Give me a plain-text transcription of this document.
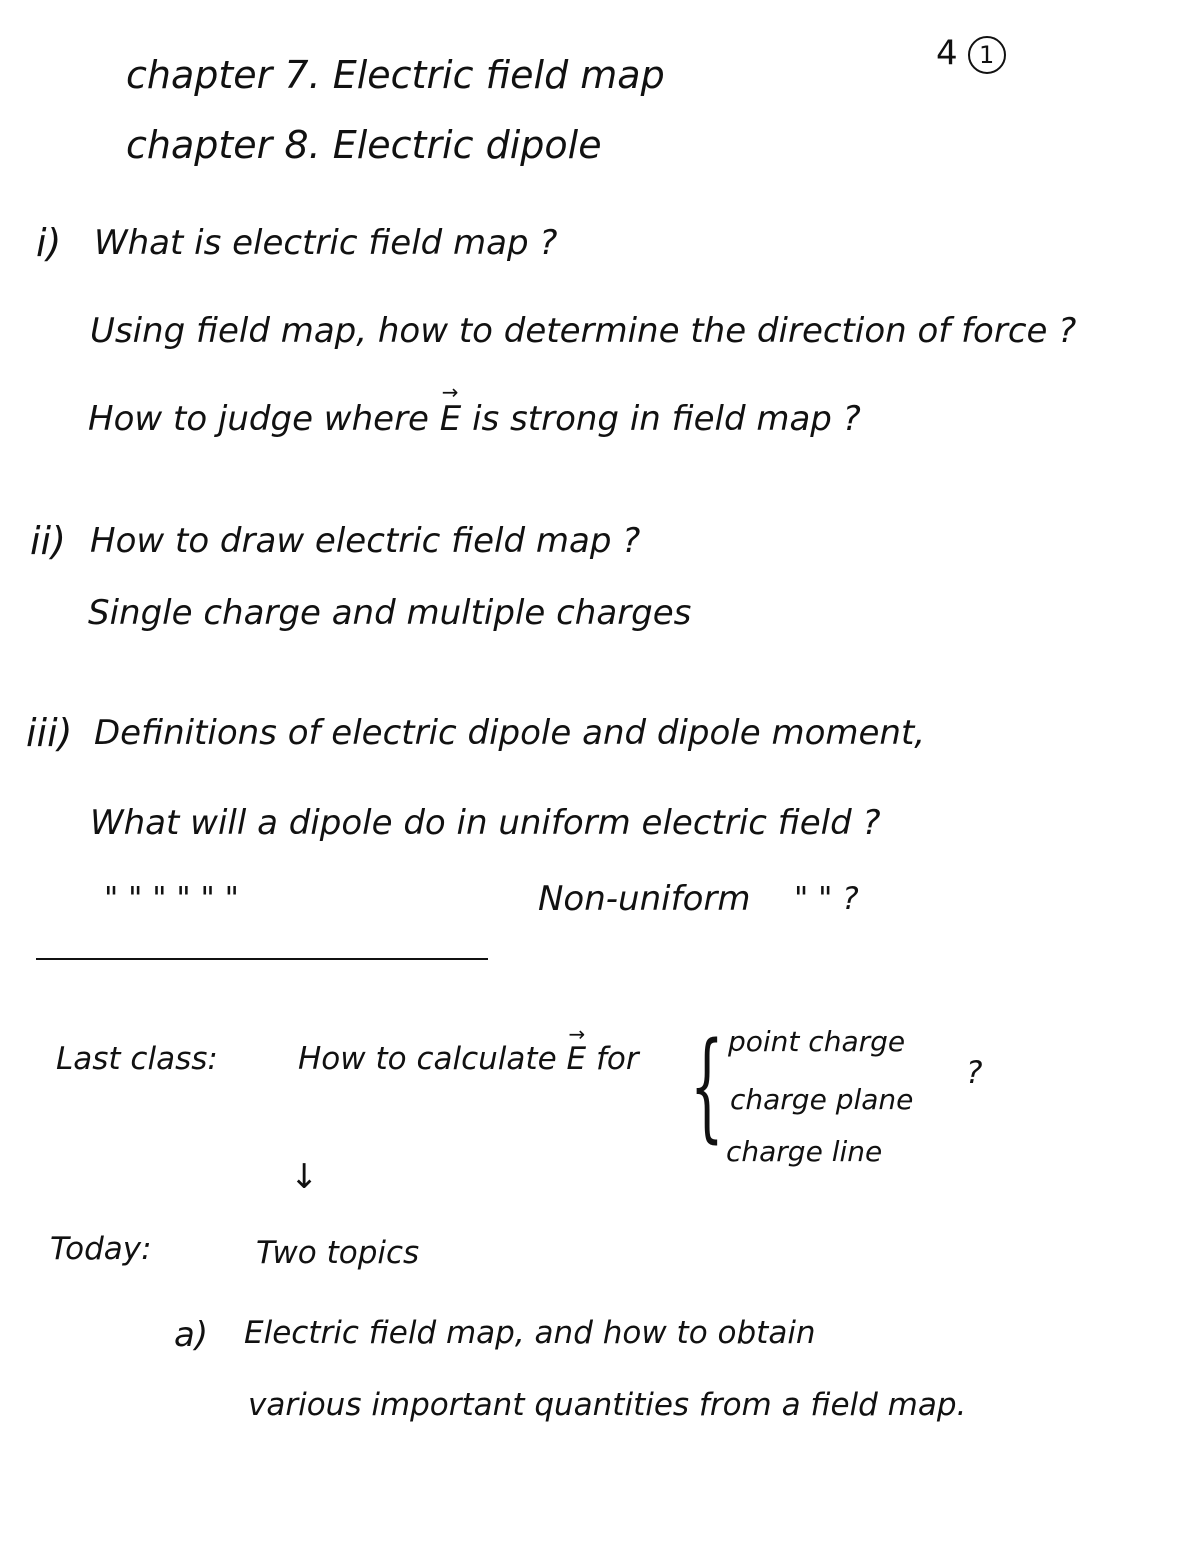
4 1
chapter 7. Electric field map
chapter 8. Electric dipole
i) What is electric field map ?
Using field map, how to determine the direction of force ?
How to judge where → E is strong in field map ?
ii) How to draw electric field map ?
Single charge and multiple charges
iii) Definitions of electric dipole and dipole moment,
What will a dipole do in uniform electric field ?
" " " " " "	Non-uniform " " ?
Last class:	How to calculate → E for { point charge
charge plane
charge line
?
↓
Today:	Two topics
a) Electric field map, and how to obtain
various important quantities from a field map.
